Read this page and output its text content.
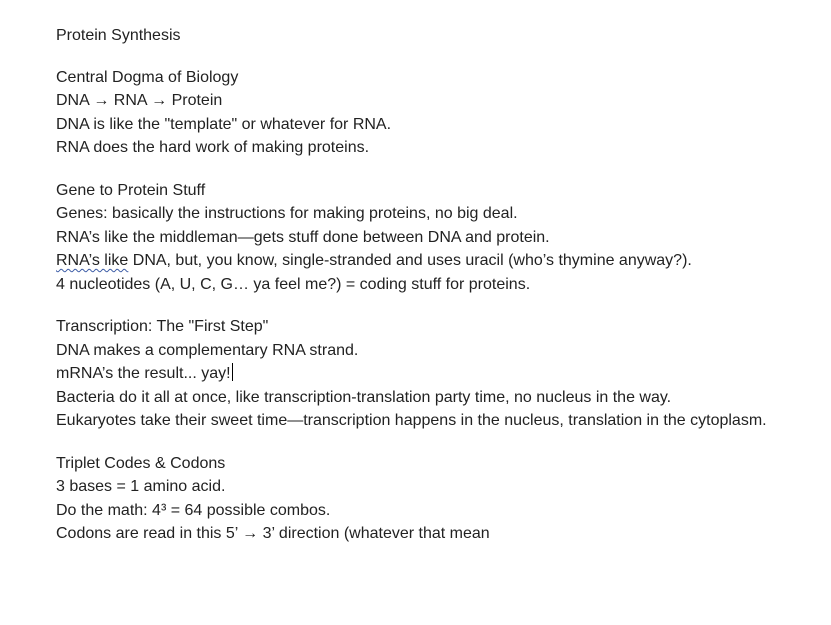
Protein Synthesis
Central Dogma of Biology
DNA → RNA → Protein
DNA is like the "template" or whatever for RNA.
RNA does the hard work of making proteins.
Gene to Protein Stuff
Genes: basically the instructions for making proteins, no big deal.
RNA’s like the middleman—gets stuff done between DNA and protein.
RNA’s like DNA, but, you know, single-stranded and uses uracil (who’s thymine anyway?).
4 nucleotides (A, U, C, G… ya feel me?) = coding stuff for proteins.
Transcription: The "First Step"
DNA makes a complementary RNA strand.
mRNA’s the result... yay!
Bacteria do it all at once, like transcription-translation party time, no nucleus in the way.
Eukaryotes take their sweet time—transcription happens in the nucleus, translation in the cytoplasm.
Triplet Codes & Codons
3 bases = 1 amino acid.
Do the math: 4³ = 64 possible combos.
Codons are read in this 5’ → 3’ direction (whatever that mean
